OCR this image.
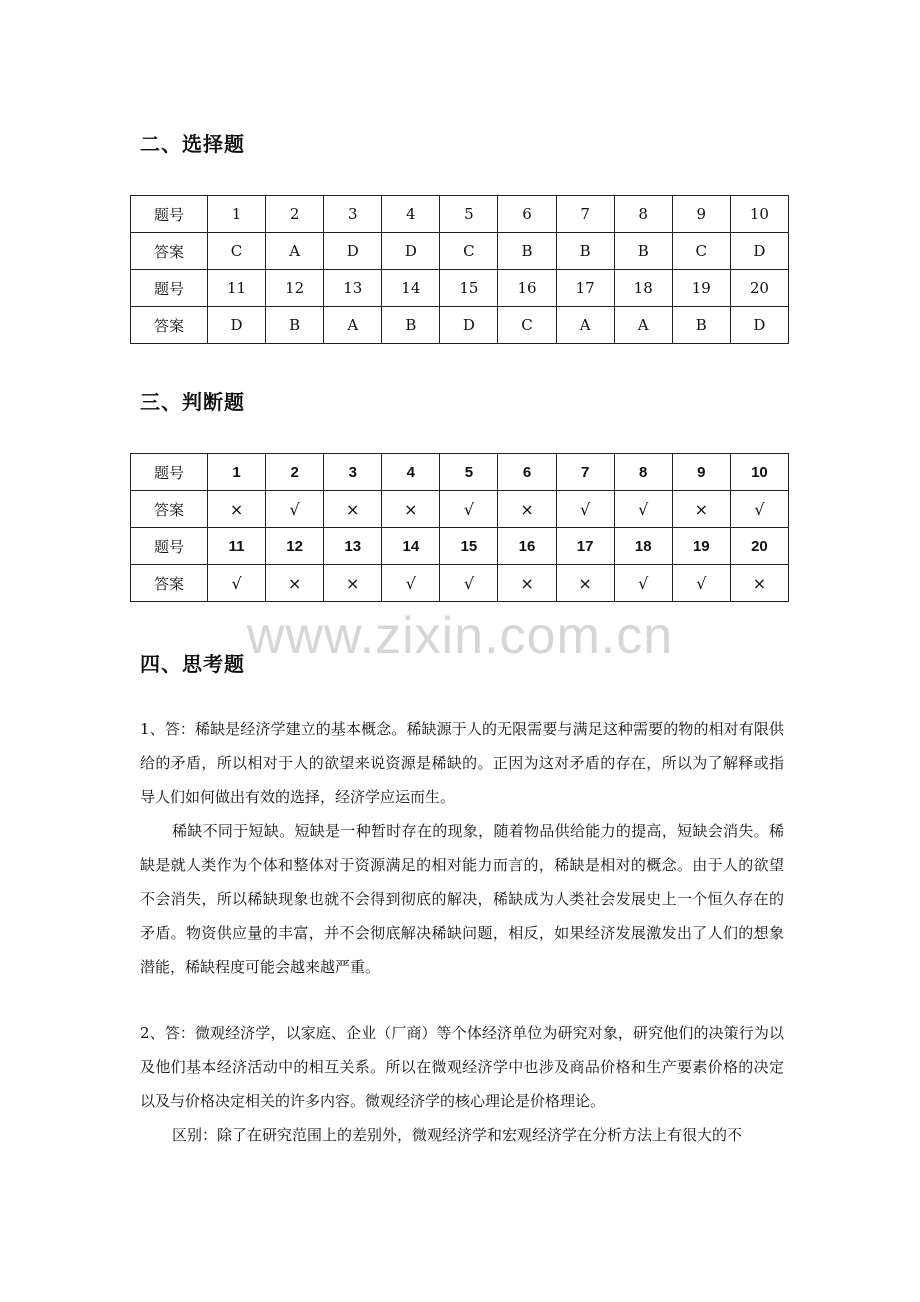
二、选择题
题号	1	2	3	4	5	6	7	8	9	10
答案	C	A	D	D	C	B	B	B	C	D
题号	11	12	13	14	15	16	17	18	19	20
答案	D	B	A	B	D	C	A	A	B	D
三、判断题
题号	1	2	3	4	5	6	7	8	9	10
答案	×	√	×	×	√	×	√	√	×	√
题号	11	12	13	14	15	16	17	18	19	20
答案	√	×	×	√	√	×	×	√	√	×
www.zixin.com.cn
四、思考题

1、答：稀缺是经济学建立的基本概念。稀缺源于人的无限需要与满足这种需要的物的相对有限供给的矛盾，所以相对于人的欲望来说资源是稀缺的。正因为这对矛盾的存在，所以为了解释或指导人们如何做出有效的选择，经济学应运而生。

稀缺不同于短缺。短缺是一种暂时存在的现象，随着物品供给能力的提高，短缺会消失。稀缺是就人类作为个体和整体对于资源满足的相对能力而言的，稀缺是相对的概念。由于人的欲望不会消失，所以稀缺现象也就不会得到彻底的解决，稀缺成为人类社会发展史上一个恒久存在的矛盾。物资供应量的丰富，并不会彻底解决稀缺问题，相反，如果经济发展激发出了人们的想象潜能，稀缺程度可能会越来越严重。

2、答：微观经济学，以家庭、企业（厂商）等个体经济单位为研究对象，研究他们的决策行为以及他们基本经济活动中的相互关系。所以在微观经济学中也涉及商品价格和生产要素价格的决定以及与价格决定相关的许多内容。微观经济学的核心理论是价格理论。

区别：除了在研究范围上的差别外，微观经济学和宏观经济学在分析方法上有很大的不
